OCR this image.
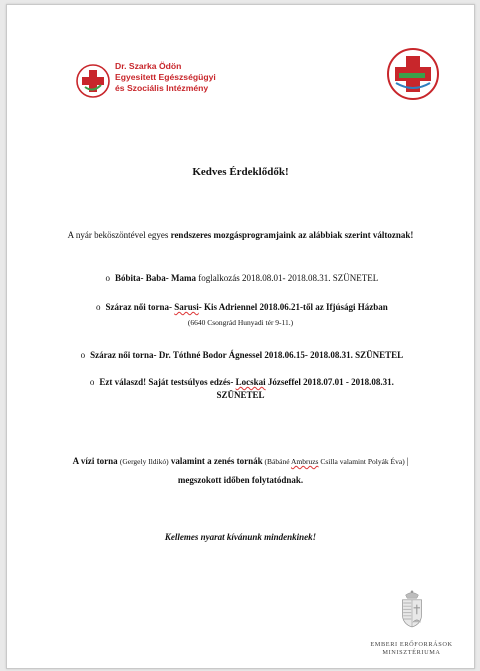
Dr. Szarka Ödön
Egyesitett Egészségügyi
és Szociális Intézmény
Kedves Érdeklődők!
A nyár beköszöntével egyes rendszeres mozgásprogramjaink az alábbiak szerint változnak!
o Bóbita- Baba- Mama foglalkozás 2018.08.01- 2018.08.31. SZÜNETEL
o Száraz női torna- Sarusi- Kis Adriennel 2018.06.21-től az Ifjúsági Házban
(6640 Csongrád Hunyadi tér 9-11.)
o Száraz női torna- Dr. Tóthné Bodor Ágnessel 2018.06.15- 2018.08.31. SZÜNETEL
o Ezt válaszd! Saját testsúlyos edzés- Locskai Józseffel 2018.07.01 - 2018.08.31.
SZÜNETEL
A vízi torna (Gergely Ildikó) valamint a zenés tornák (Bábáné Ambruzs Csilla valamint Polyák Éva) |
megszokott időben folytatódnak.
Kellemes nyarat kívánunk mindenkinek!
EMBERI ERŐFORRÁSOK
MINISZTÉRIUMA
